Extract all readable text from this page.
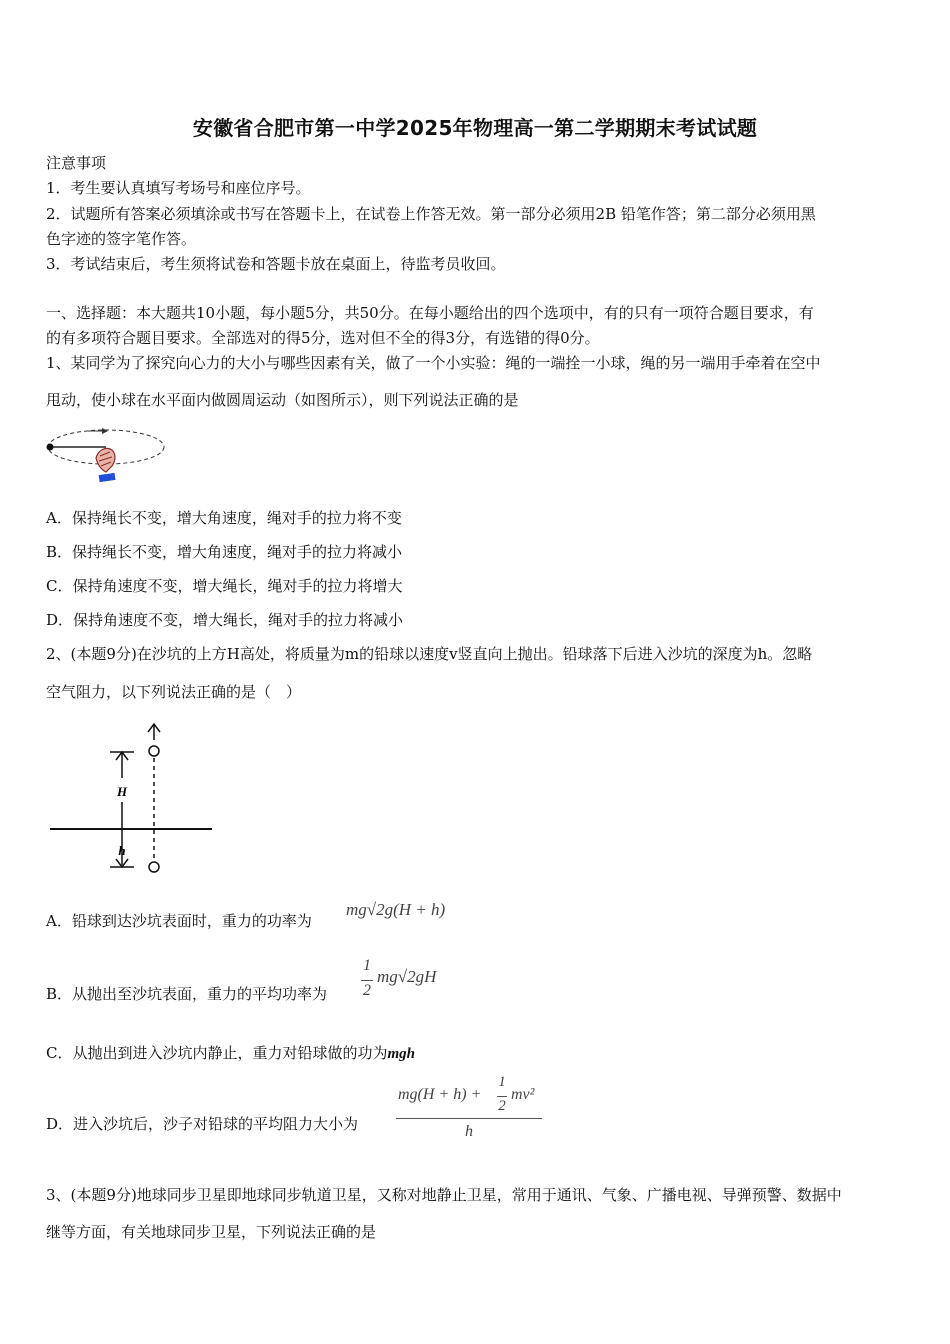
安徽省合肥市第一中学2025年物理高一第二学期期末考试试题
注意事项
1．考生要认真填写考场号和座位序号。
2．试题所有答案必须填涂或书写在答题卡上，在试卷上作答无效。第一部分必须用2B 铅笔作答；第二部分必须用黑
色字迹的签字笔作答。
3．考试结束后，考生须将试卷和答题卡放在桌面上，待监考员收回。
一、选择题：本大题共10小题，每小题5分，共50分。在每小题给出的四个选项中，有的只有一项符合题目要求，有
的有多项符合题目要求。全部选对的得5分，选对但不全的得3分，有选错的得0分。
1、某同学为了探究向心力的大小与哪些因素有关，做了一个小实验：绳的一端拴一小球，绳的另一端用手牵着在空中
甩动，使小球在水平面内做圆周运动（如图所示），则下列说法正确的是
A．保持绳长不变，增大角速度，绳对手的拉力将不变
B．保持绳长不变，增大角速度，绳对手的拉力将减小
C．保持角速度不变，增大绳长，绳对手的拉力将增大
D．保持角速度不变，增大绳长，绳对手的拉力将减小
2、(本题9分)在沙坑的上方H高处，将质量为m的铅球以速度v竖直向上抛出。铅球落下后进入沙坑的深度为h。忽略
空气阻力，以下列说法正确的是（　）
H
h
A．铅球到达沙坑表面时，重力的功率为
mg√2g(H + h)
B．从抛出至沙坑表面，重力的平均功率为
1
2
mg√2gH
C．从抛出到进入沙坑内静止，重力对铅球做的功为mgh
D．进入沙坑后，沙子对铅球的平均阻力大小为
mg(H + h) +
1
2
mv²
h
3、(本题9分)地球同步卫星即地球同步轨道卫星，又称对地静止卫星，常用于通讯、气象、广播电视、导弹预警、数据中
继等方面，有关地球同步卫星，下列说法正确的是
